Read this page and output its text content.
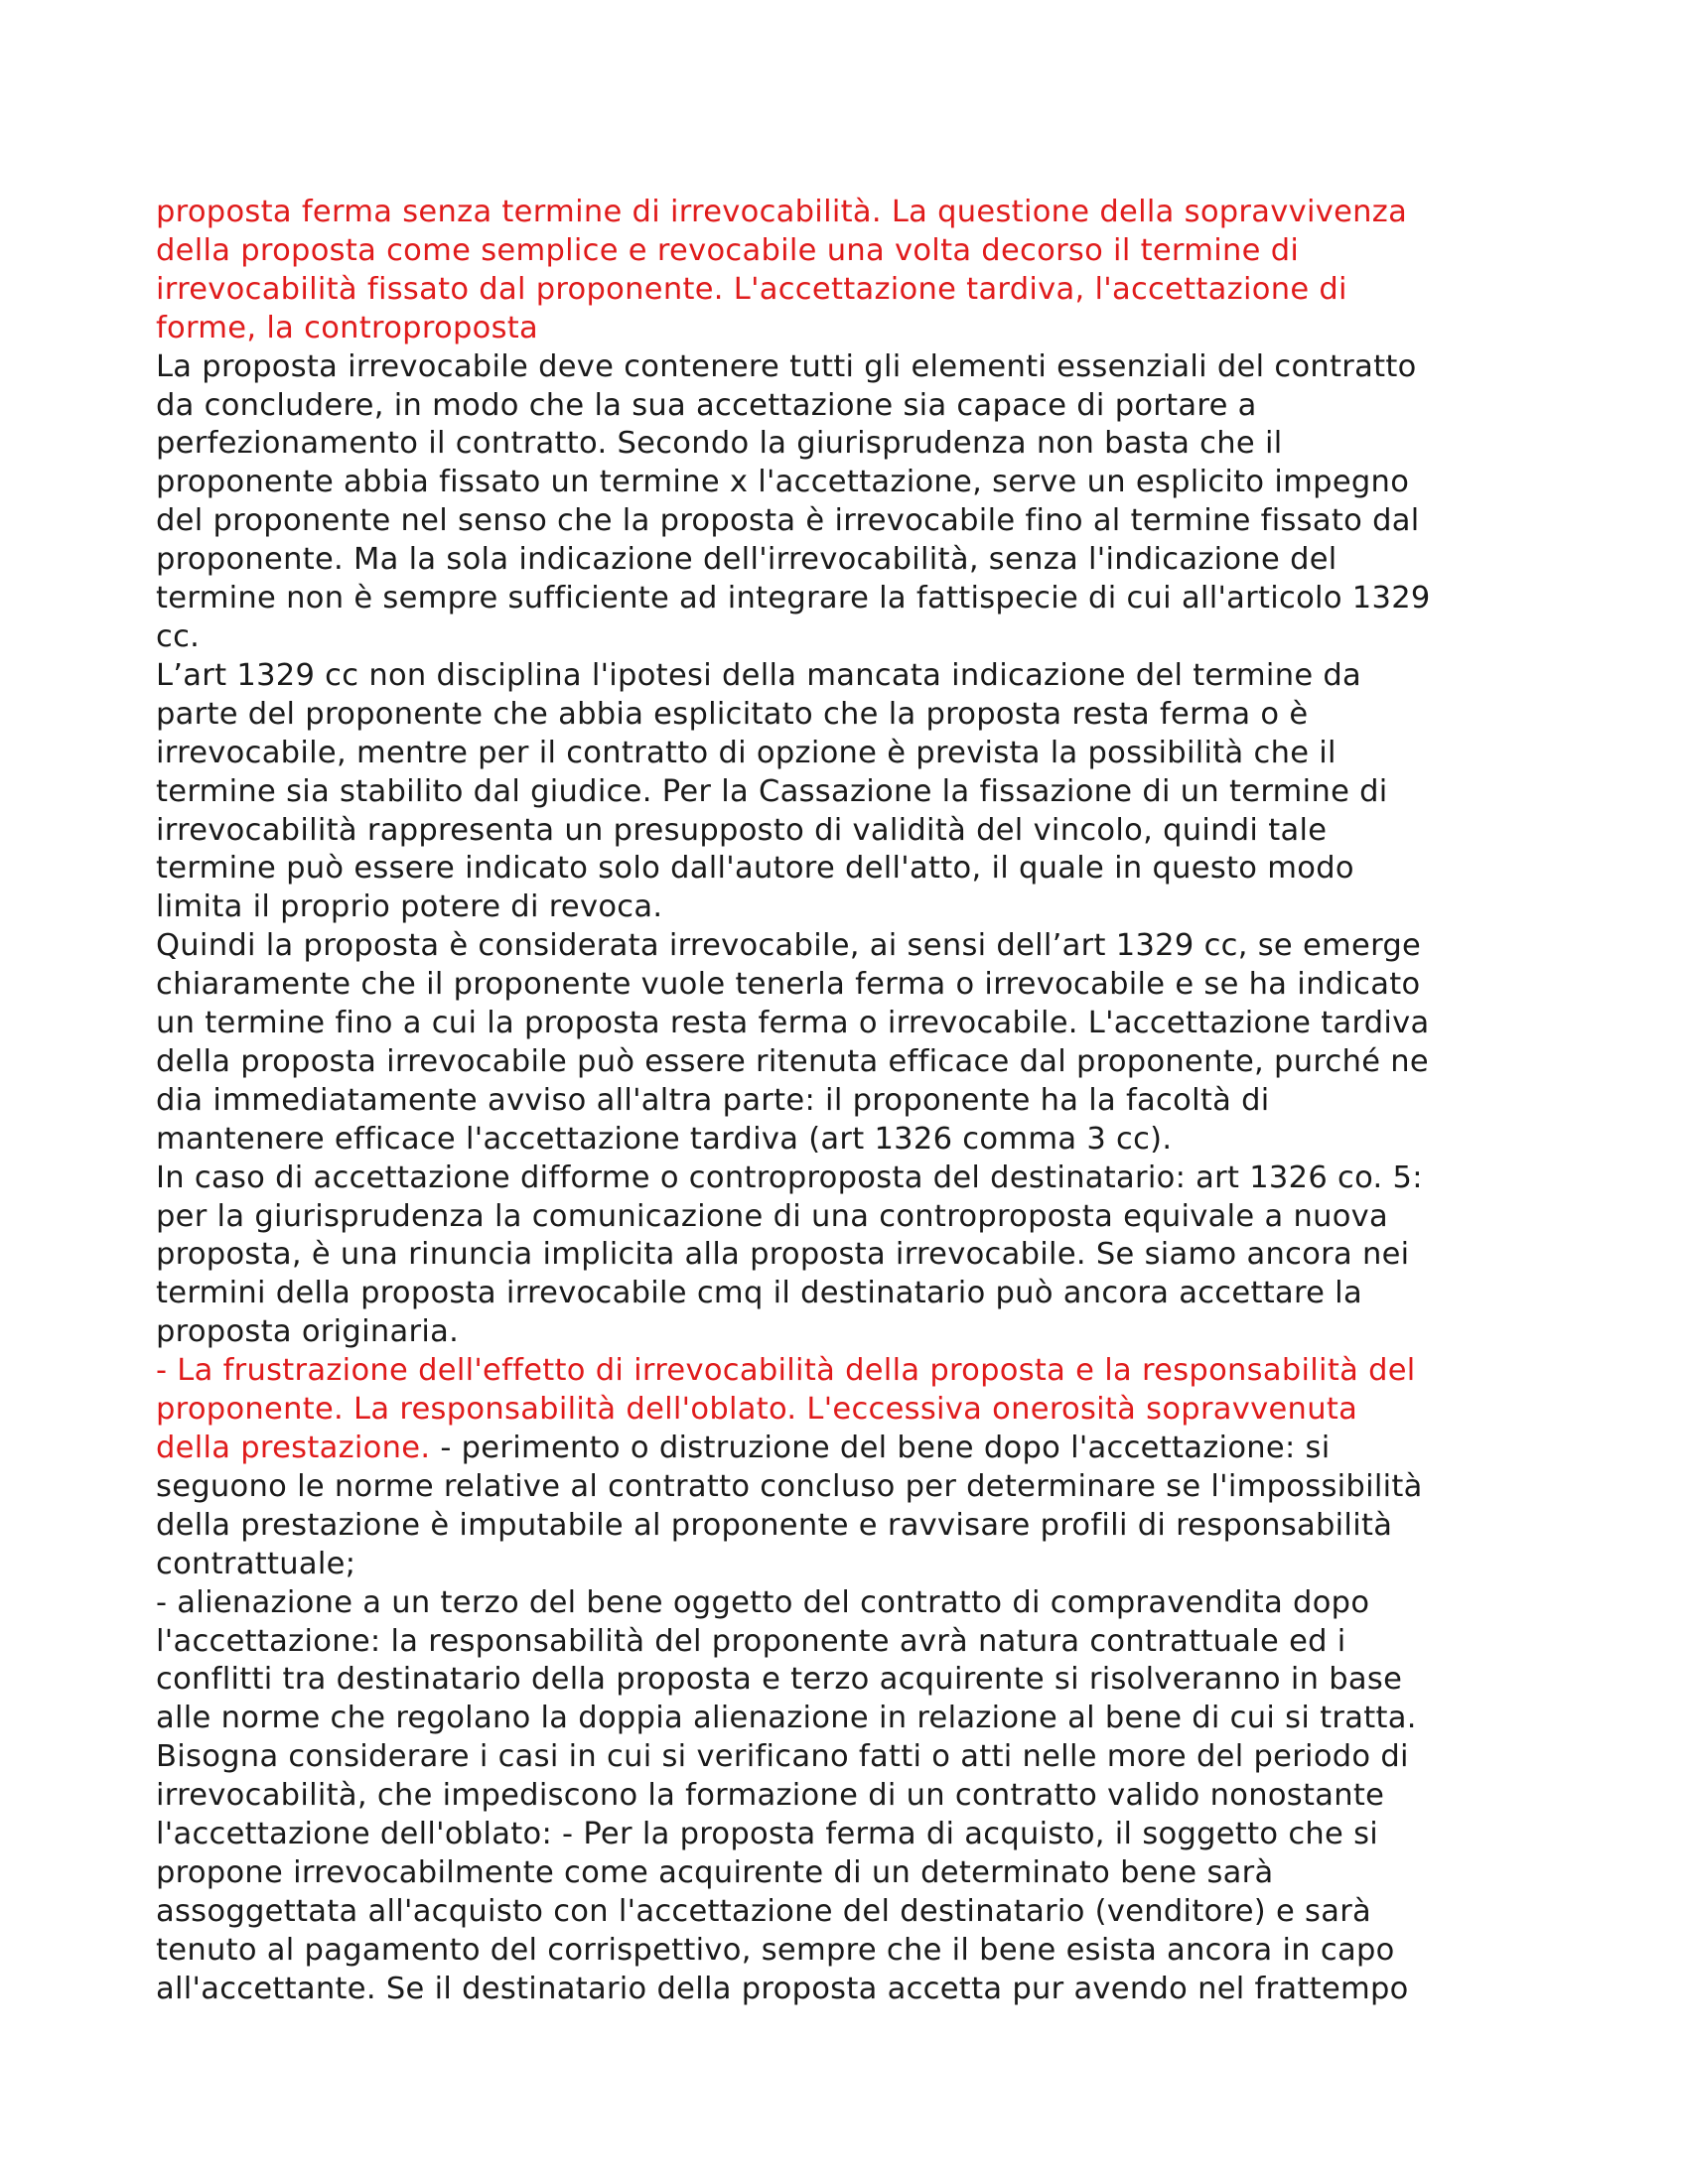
proposta ferma senza termine di irrevocabilità. La questione della sopravvivenza
della proposta come semplice e revocabile una volta decorso il termine di
irrevocabilità fissato dal proponente. L'accettazione tardiva, l'accettazione di
forme, la controproposta

La proposta irrevocabile deve contenere tutti gli elementi essenziali del contratto
da concludere, in modo che la sua accettazione sia capace di portare a
perfezionamento il contratto. Secondo la giurisprudenza non basta che il
proponente abbia fissato un termine x l'accettazione, serve un esplicito impegno
del proponente nel senso che la proposta è irrevocabile fino al termine fissato dal
proponente. Ma la sola indicazione dell'irrevocabilità, senza l'indicazione del
termine non è sempre sufficiente ad integrare la fattispecie di cui all'articolo 1329
cc.

L’art 1329 cc non disciplina l'ipotesi della mancata indicazione del termine da
parte del proponente che abbia esplicitato che la proposta resta ferma o è
irrevocabile, mentre per il contratto di opzione è prevista la possibilità che il
termine sia stabilito dal giudice. Per la Cassazione la fissazione di un termine di
irrevocabilità rappresenta un presupposto di validità del vincolo, quindi tale
termine può essere indicato solo dall'autore dell'atto, il quale in questo modo
limita il proprio potere di revoca.

Quindi la proposta è considerata irrevocabile, ai sensi dell’art 1329 cc, se emerge
chiaramente che il proponente vuole tenerla ferma o irrevocabile e se ha indicato
un termine fino a cui la proposta resta ferma o irrevocabile. L'accettazione tardiva
della proposta irrevocabile può essere ritenuta efficace dal proponente, purché ne
dia immediatamente avviso all'altra parte: il proponente ha la facoltà di
mantenere efficace l'accettazione tardiva (art 1326 comma 3 cc).

In caso di accettazione difforme o controproposta del destinatario: art 1326 co. 5:
per la giurisprudenza la comunicazione di una controproposta equivale a nuova
proposta, è una rinuncia implicita alla proposta irrevocabile. Se siamo ancora nei
termini della proposta irrevocabile cmq il destinatario può ancora accettare la
proposta originaria.

- La frustrazione dell'effetto di irrevocabilità della proposta e la responsabilità del
proponente. La responsabilità dell'oblato. L'eccessiva onerosità sopravvenuta
della prestazione. - perimento o distruzione del bene dopo l'accettazione: si
seguono le norme relative al contratto concluso per determinare se l'impossibilità
della prestazione è imputabile al proponente e ravvisare profili di responsabilità
contrattuale;

- alienazione a un terzo del bene oggetto del contratto di compravendita dopo
l'accettazione: la responsabilità del proponente avrà natura contrattuale ed i
conflitti tra destinatario della proposta e terzo acquirente si risolveranno in base
alle norme che regolano la doppia alienazione in relazione al bene di cui si tratta.
Bisogna considerare i casi in cui si verificano fatti o atti nelle more del periodo di
irrevocabilità, che impediscono la formazione di un contratto valido nonostante
l'accettazione dell'oblato: - Per la proposta ferma di acquisto, il soggetto che si
propone irrevocabilmente come acquirente di un determinato bene sarà
assoggettata all'acquisto con l'accettazione del destinatario (venditore) e sarà
tenuto al pagamento del corrispettivo, sempre che il bene esista ancora in capo
all'accettante. Se il destinatario della proposta accetta pur avendo nel frattempo
